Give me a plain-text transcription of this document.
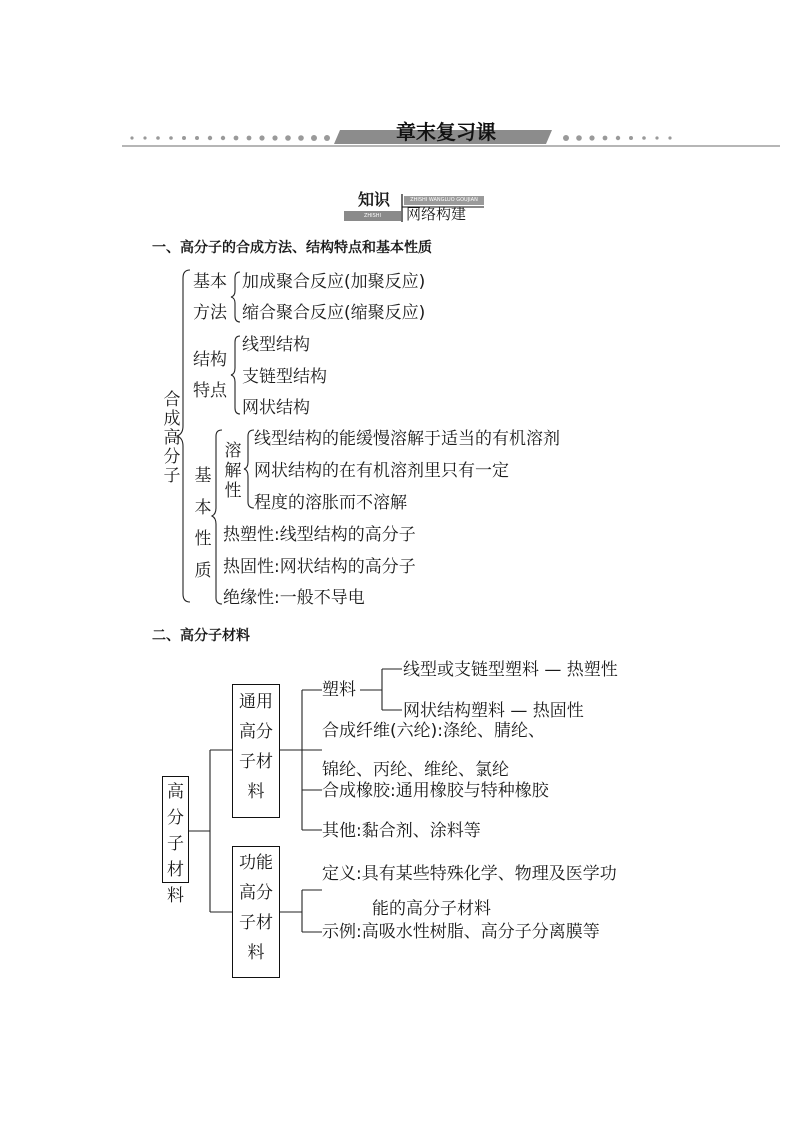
章末复习课
知识	ZHISHI WANGLUO GOUJIAN
ZHISHI	网络构建
一、高分子的合成方法、结构特点和基本性质
合成高分子
基本
方法
加成聚合反应(加聚反应)
缩合聚合反应(缩聚反应)
结构
特点
线型结构
支链型结构
网状结构
基本性质
溶解性
线型结构的能缓慢溶解于适当的有机溶剂
网状结构的在有机溶剂里只有一定
程度的溶胀而不溶解
热塑性:线型结构的高分子
热固性:网状结构的高分子
绝缘性:一般不导电
二、高分子材料
高分子材料
通用高分子材料
功能高分子材料
塑料
线型或支链型塑料 — 热塑性
网状结构塑料 — 热固性
合成纤维(六纶):涤纶、腈纶、
锦纶、丙纶、维纶、氯纶
合成橡胶:通用橡胶与特种橡胶
其他:黏合剂、涂料等
定义:具有某些特殊化学、物理及医学功
能的高分子材料
示例:高吸水性树脂、高分子分离膜等
